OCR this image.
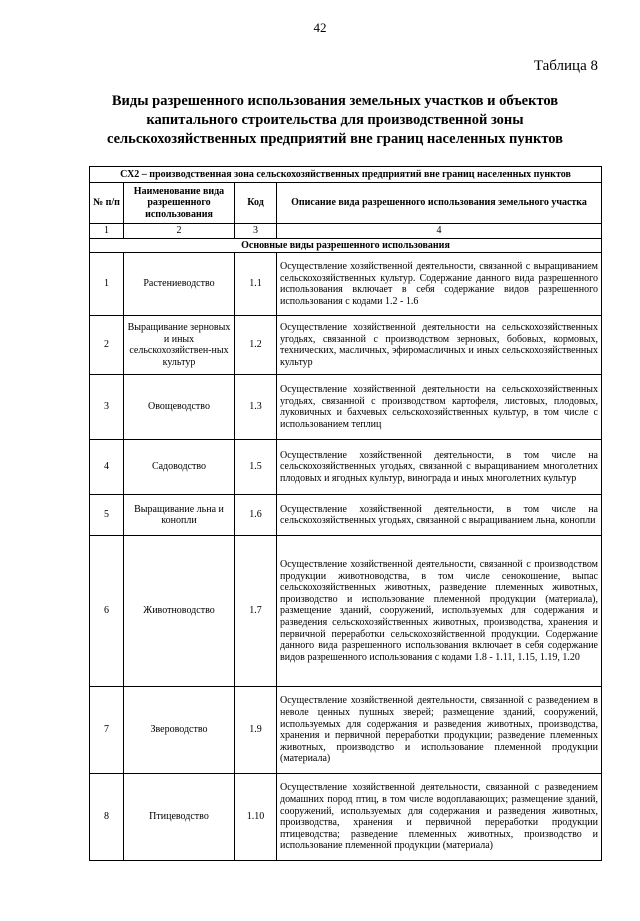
42
Таблица 8
Виды разрешенного использования земельных участков и объектов капитального строительства для производственной зоны сельскохозяйственных предприятий вне границ населенных пунктов
СХ2 – производственная зона сельскохозяйственных предприятий вне границ населенных пунктов			
№ п/п	Наименование вида разрешенного использования	Код	Описание вида разрешенного использования земельного участка
1	2	3	4
Основные виды разрешенного использования			
1	Растениеводство	1.1	Осуществление хозяйственной деятельности, связанной с выращиванием сельскохозяйственных культур. Содержание данного вида разрешенного использования включает в себя содержание видов разрешенного использования с кодами 1.2 - 1.6
2	Выращивание зерновых и иных сельскохозяйствен-ных культур	1.2	Осуществление хозяйственной деятельности на сельскохозяйственных угодьях, связанной с производством зерновых, бобовых, кормовых, технических, масличных, эфиромасличных и иных сельскохозяйственных культур
3	Овощеводство	1.3	Осуществление хозяйственной деятельности на сельскохозяйственных угодьях, связанной с производством картофеля, листовых, плодовых, луковичных и бахчевых сельскохозяйственных культур, в том числе с использованием теплиц
4	Садоводство	1.5	Осуществление хозяйственной деятельности, в том числе на сельскохозяйственных угодьях, связанной с выращиванием многолетних плодовых и ягодных культур, винограда и иных многолетних культур
5	Выращивание льна и конопли	1.6	Осуществление хозяйственной деятельности, в том числе на сельскохозяйственных угодьях, связанной с выращиванием льна, конопли
6	Животноводство	1.7	Осуществление хозяйственной деятельности, связанной с производством продукции животноводства, в том числе сенокошение, выпас сельскохозяйственных животных, разведение племенных животных, производство и использование племенной продукции (материала), размещение зданий, сооружений, используемых для содержания и разведения сельскохозяйственных животных, производства, хранения и первичной переработки сельскохозяйственной продукции. Содержание данного вида разрешенного использования включает в себя содержание видов разрешенного использования с кодами 1.8 - 1.11, 1.15, 1.19, 1.20
7	Звероводство	1.9	Осуществление хозяйственной деятельности, связанной с разведением в неволе ценных пушных зверей; размещение зданий, сооружений, используемых для содержания и разведения животных, производства, хранения и первичной переработки продукции; разведение племенных животных, производство и использование племенной продукции (материала)
8	Птицеводство	1.10	Осуществление хозяйственной деятельности, связанной с разведением домашних пород птиц, в том числе водоплавающих; размещение зданий, сооружений, используемых для содержания и разведения животных, производства, хранения и первичной переработки продукции птицеводства; разведение племенных животных, производство и использование племенной продукции (материала)
